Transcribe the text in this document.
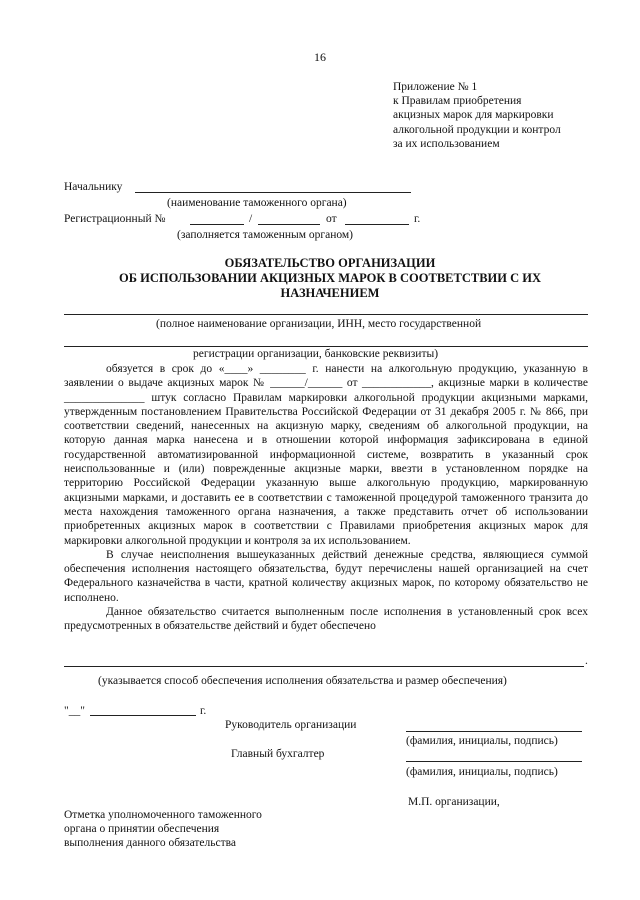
16
Приложение № 1
к Правилам приобретения
акцизных марок для маркировки
алкогольной продукции и контрол
за их использованием
Начальнику
(наименование таможенного органа)
Регистрационный №	/	от	г.
(заполняется таможенным органом)
ОБЯЗАТЕЛЬСТВО ОРГАНИЗАЦИИ
ОБ ИСПОЛЬЗОВАНИИ АКЦИЗНЫХ МАРОК В СООТВЕТСТВИИ С ИХ
НАЗНАЧЕНИЕМ
(полное наименование организации, ИНН, место государственной
регистрации организации, банковские реквизиты)

обязуется в срок до «____» ________ г. нанести на алкогольную продукцию, указанную в заявлении о выдаче акцизных марок № ______/______ от ____________, акцизные марки в количестве ______________ штук согласно Правилам маркировки алкогольной продукции акцизными марками, утвержденным постановлением Правительства Российской Федерации от 31 декабря 2005 г. № 866, при соответствии сведений, нанесенных на акцизную марку, сведениям об алкогольной продукции, на которую данная марка нанесена и в отношении которой информация зафиксирована в единой государственной автоматизированной информационной системе, возвратить в указанный срок неиспользованные и (или) поврежденные акцизные марки, ввезти в установленном порядке на территорию Российской Федерации указанную выше алкогольную продукцию, маркированную акцизными марками, и доставить ее в соответствии с таможенной процедурой таможенного транзита до места нахождения таможенного органа назначения, а также представить отчет об использовании приобретенных акцизных марок в соответствии с Правилами приобретения акцизных марок для маркировки алкогольной продукции и контроля за их использованием.

В случае неисполнения вышеуказанных действий денежные средства, являющиеся суммой обеспечения исполнения настоящего обязательства, будут перечислены нашей организацией на счет Федерального казначейства в части, кратной количеству акцизных марок, по которому обязательство не исполнено.

Данное обязательство считается выполненным после исполнения в установленный срок всех предусмотренных в обязательстве действий и будет обеспечено

.
(указывается способ обеспечения исполнения обязательства и размер обеспечения)
"__"	г.
Руководитель организации
(фамилия, инициалы, подпись)
Главный бухгалтер
(фамилия, инициалы, подпись)
М.П. организации,
Отметка уполномоченного таможенного
органа о принятии обеспечения
выполнения данного обязательства
